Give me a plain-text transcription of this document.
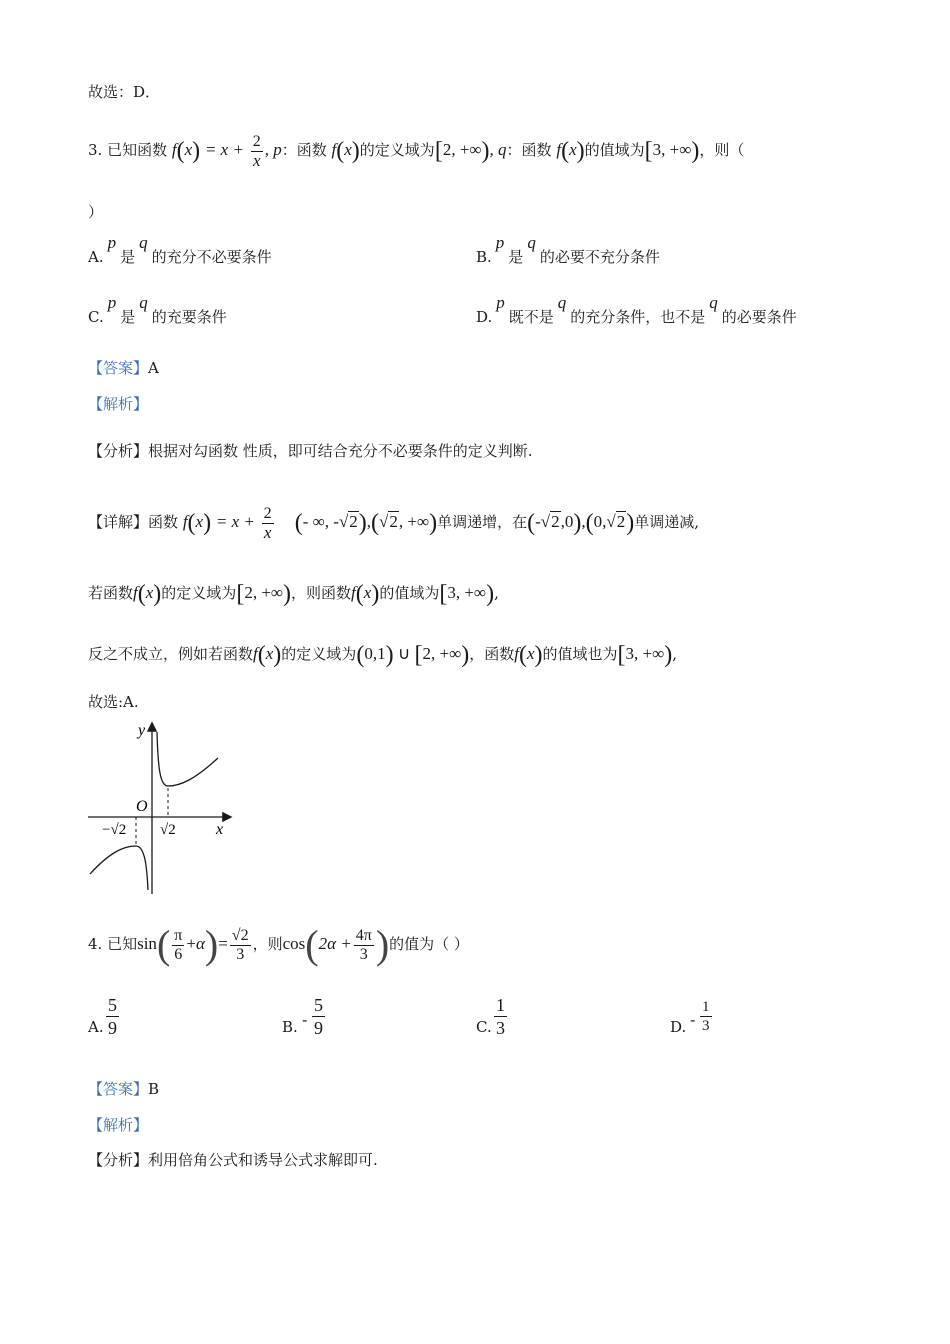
故选：D．
3. 已知函数 $f(x) = x + \frac{2}{x}$ , p：函数 f(x)的定义域为[2, +∞), q：函数 f(x)的值域为[3, +∞)，则（
）
A.p是q的充分不必要条件	B.p是q的必要不充分条件
C.p是q的充要条件	D.p既不是q的充分条件，也不是q的必要条件
【答案】A
【解析】
【分析】根据对勾函数 性质，即可结合充分不必要条件的定义判断.
【详解】函数 $f(x) = x + \frac{2}{x}$ (- ∞, -√2),(√2, +∞)单调递增，在(-√2,0),(0,√2)单调递减,
若函数f(x)的定义域为[2, +∞)，则函数f(x)的值域为[3, +∞),
反之不成立，例如若函数f(x)的定义域为(0,1) ∪ [2, +∞)，函数f(x)的值域也为[3, +∞),
故选:A.
y
x
O
−√2 √2
4. 已知$\sin( \frac{\pi}{6} +\alpha)= \frac{√2}{3}$ ，则$\cos(2\alpha + \frac{4\pi}{3}$ )的值为（ ）
A. $\frac{5}{9}$	B. - $\frac{5}{9}$	C. $\frac{1}{3}$	D. - $\frac{1}{3}$
【答案】B
【解析】
【分析】利用倍角公式和诱导公式求解即可.
